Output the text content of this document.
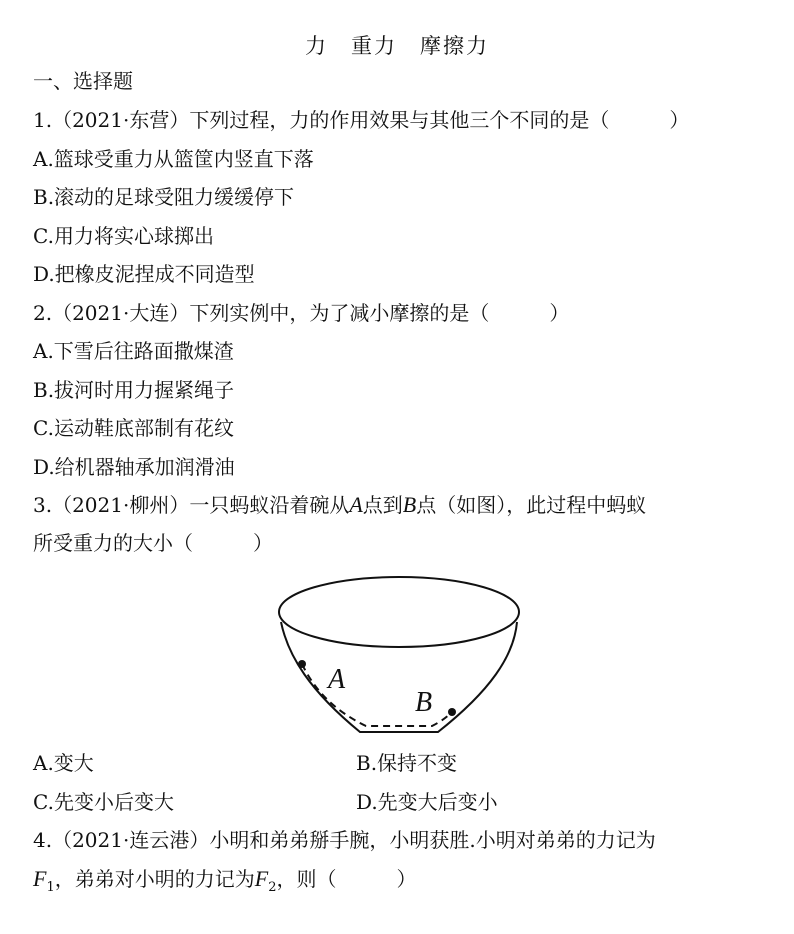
力　重力　摩擦力
一、选择题
1.（2021·东营）下列过程，力的作用效果与其他三个不同的是（　　　）
A.篮球受重力从篮筐内竖直下落
B.滚动的足球受阻力缓缓停下
C.用力将实心球掷出
D.把橡皮泥捏成不同造型
2.（2021·大连）下列实例中，为了减小摩擦的是（　　　）
A.下雪后往路面撒煤渣
B.拔河时用力握紧绳子
C.运动鞋底部制有花纹
D.给机器轴承加润滑油
3.（2021·柳州）一只蚂蚁沿着碗从A点到B点（如图），此过程中蚂蚁
所受重力的大小（　　　）
A
B
A.变大	B.保持不变
C.先变小后变大	D.先变大后变小
4.（2021·连云港）小明和弟弟掰手腕，小明获胜.小明对弟弟的力记为
$F_1$，弟弟对小明的力记为$F_2$，则（　　　）
